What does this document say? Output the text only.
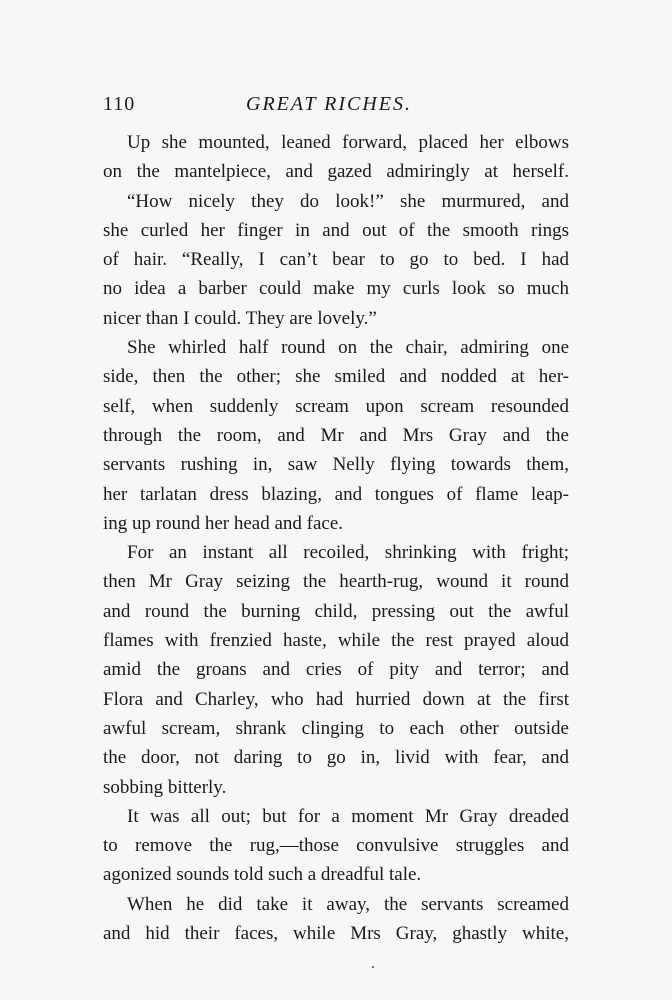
110	GREAT RICHES.
Up she mounted, leaned forward, placed her elbows
on the mantelpiece, and gazed admiringly at herself.
“How nicely they do look!” she murmured, and
she curled her finger in and out of the smooth rings
of hair. “Really, I can’t bear to go to bed. I had
no idea a barber could make my curls look so much
nicer than I could. They are lovely.”
She whirled half round on the chair, admiring one
side, then the other; she smiled and nodded at her-
self, when suddenly scream upon scream resounded
through the room, and Mr and Mrs Gray and the
servants rushing in, saw Nelly flying towards them,
her tarlatan dress blazing, and tongues of flame leap-
ing up round her head and face.
For an instant all recoiled, shrinking with fright;
then Mr Gray seizing the hearth-rug, wound it round
and round the burning child, pressing out the awful
flames with frenzied haste, while the rest prayed aloud
amid the groans and cries of pity and terror; and
Flora and Charley, who had hurried down at the first
awful scream, shrank clinging to each other outside
the door, not daring to go in, livid with fear, and
sobbing bitterly.
It was all out; but for a moment Mr Gray dreaded
to remove the rug,—those convulsive struggles and
agonized sounds told such a dreadful tale.
When he did take it away, the servants screamed
and hid their faces, while Mrs Gray, ghastly white,
